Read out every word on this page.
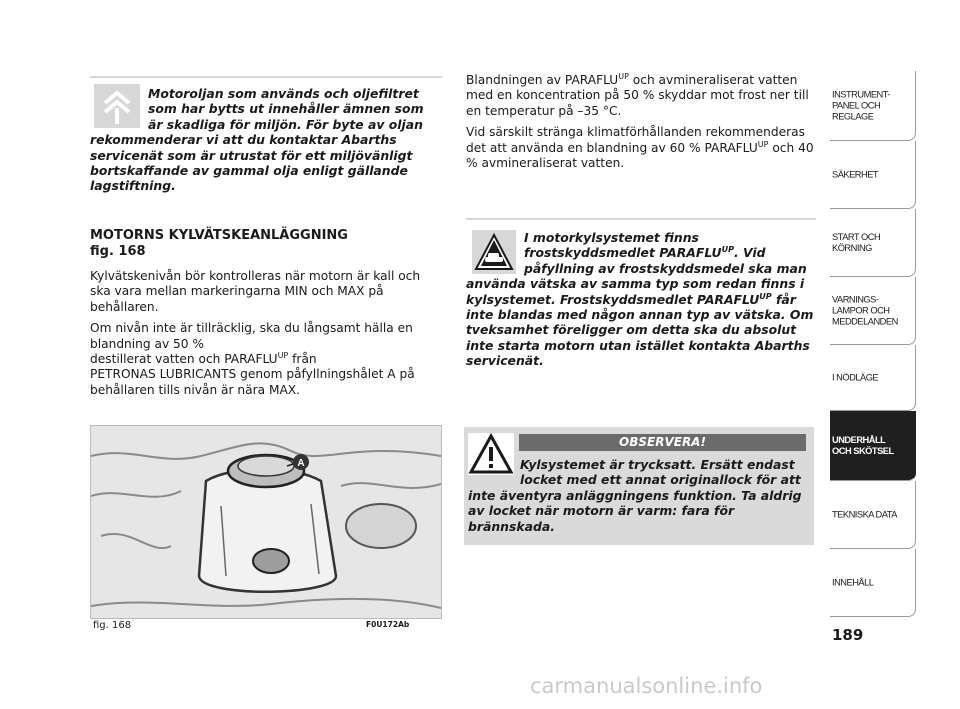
Motoroljan som används och oljefiltret som har bytts ut innehåller ämnen som är skadliga för miljön. För byte av oljan rekommenderar vi att du kontaktar Abarths servicenät som är utrustat för ett miljövänligt bortskaffande av gammal olja enligt gällande lagstiftning.

MOTORNS KYLVÄTSKEANLÄGGNING
fig. 168

Kylvätskenivån bör kontrolleras när motorn är kall och ska vara mellan markeringarna MIN och MAX på behållaren.

Om nivån inte är tillräcklig, ska du långsamt hälla en blandning av 50 %
destillerat vatten och $PARAFLU^{UP}$ från
PETRONAS LUBRICANTS genom påfyllningshålet A på behållaren tills nivån är nära MAX.

A
fig. 168	F0U172Ab

Blandningen av $PARAFLU^{UP}$ och avmineraliserat vatten med en koncentration på 50 % skyddar mot frost ner till en temperatur på –35 °C.

Vid särskilt stränga klimatförhållanden rekommenderas det att använda en blandning av 60 % $PARAFLU^{UP}$ och 40 % avmineraliserat vatten.

I motorkylsystemet finns frostskyddsmedlet $PARAFLU^{UP}$. Vid påfyllning av frostskyddsmedel ska man använda vätska av samma typ som redan finns i kylsystemet. Frostskyddsmedlet $PARAFLU^{UP}$ får inte blandas med någon annan typ av vätska. Om tveksamhet föreligger om detta ska du absolut inte starta motorn utan istället kontakta Abarths servicenät.

OBSERVERA!

Kylsystemet är trycksatt. Ersätt endast locket med ett annat originallock för att inte äventyra anläggningens funktion. Ta aldrig av locket när motorn är varm: fara för brännskada.

INSTRUMENT-
PANEL OCH
REGLAGE
SÄKERHET
START OCH
KÖRNING
VARNINGS-
LAMPOR OCH
MEDDELANDEN
I NÖDLÄGE
UNDERHÅLL
OCH SKÖTSEL
TEKNISKA DATA
INNEHÅLL
189
carmanualsonline.info
